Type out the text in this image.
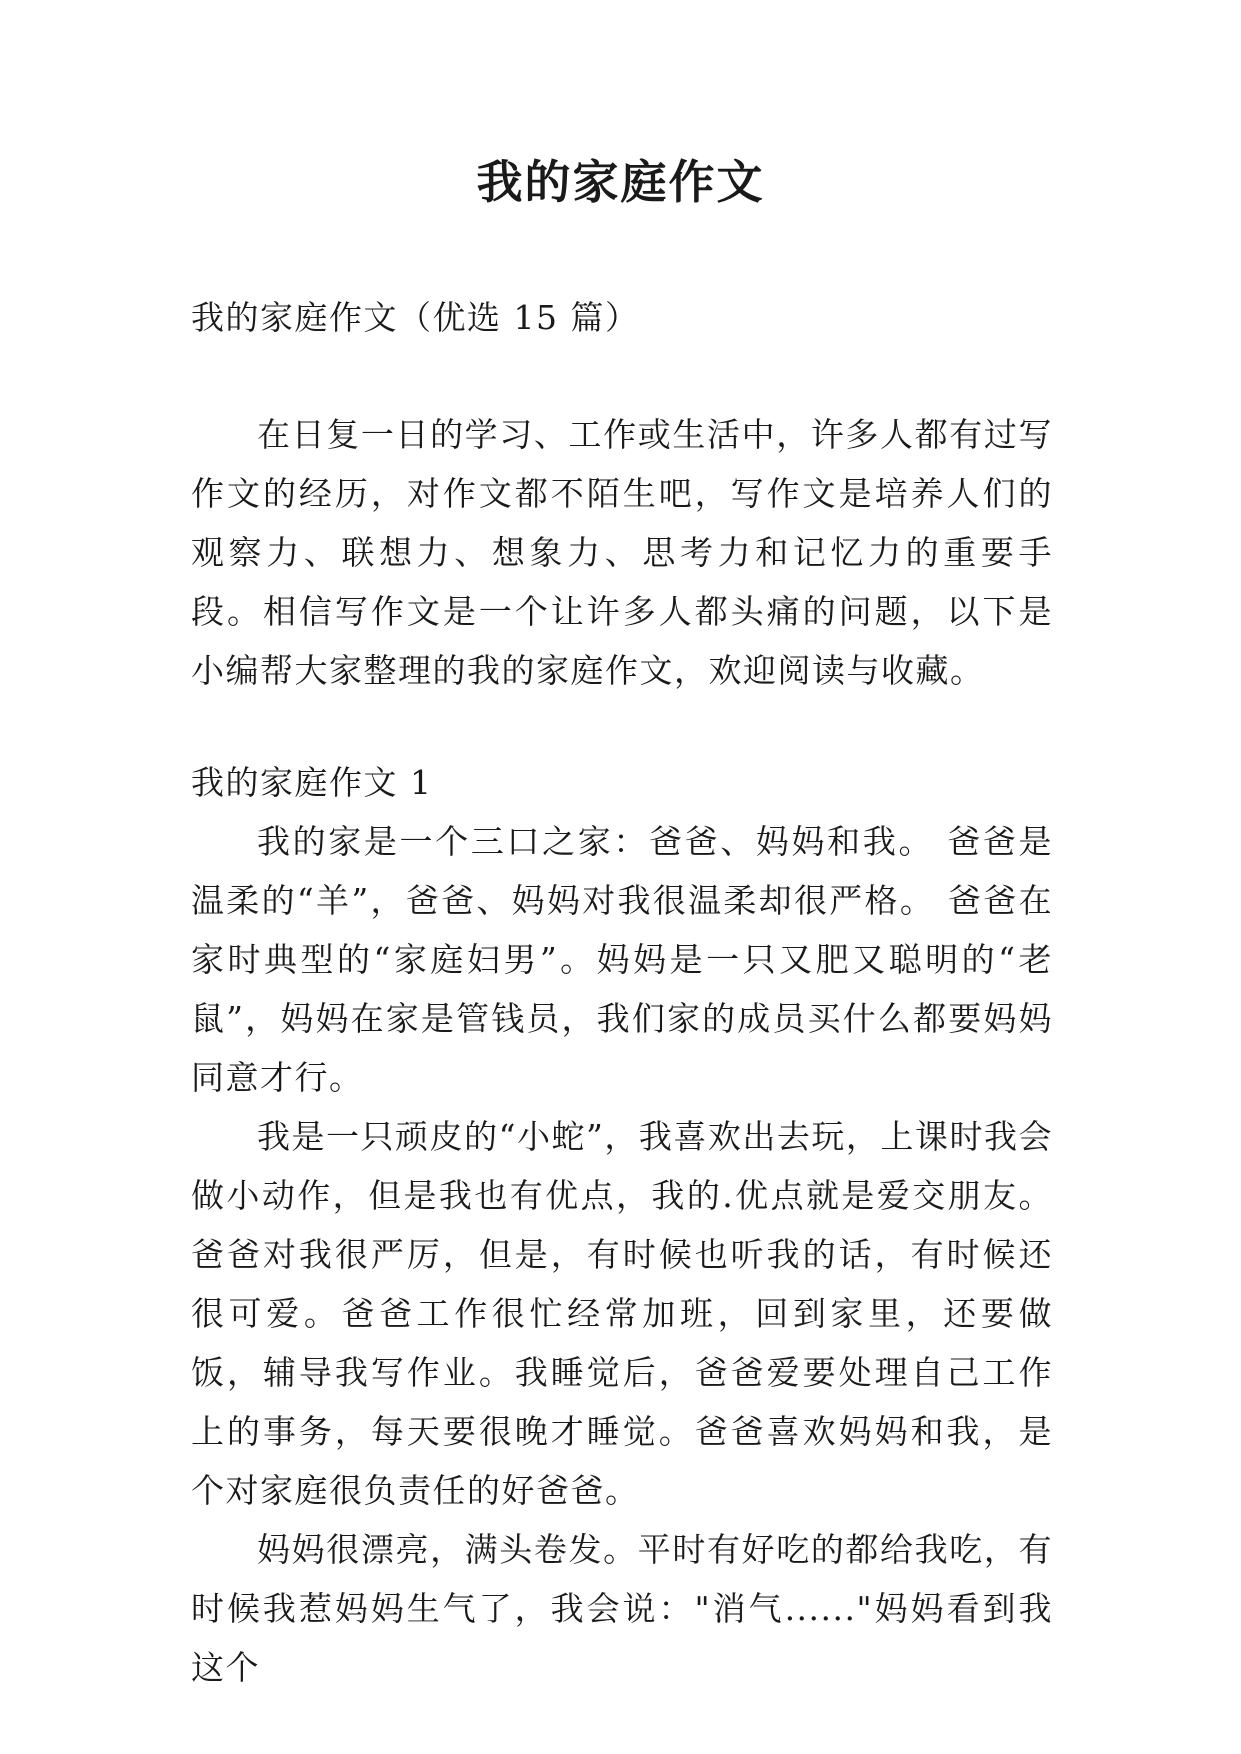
我的家庭作文
我的家庭作文（优选 15 篇）
在日复一日的学习、工作或生活中，许多人都有过写作文的经历，对作文都不陌生吧，写作文是培养人们的观察力、联想力、想象力、思考力和记忆力的重要手段。相信写作文是一个让许多人都头痛的问题，以下是小编帮大家整理的我的家庭作文，欢迎阅读与收藏。
我的家庭作文 1

我的家是一个三口之家：爸爸、妈妈和我。 爸爸是温柔的“羊”，爸爸、妈妈对我很温柔却很严格。 爸爸在家时典型的“家庭妇男”。妈妈是一只又肥又聪明的“老鼠”，妈妈在家是管钱员，我们家的成员买什么都要妈妈同意才行。

我是一只顽皮的“小蛇”，我喜欢出去玩，上课时我会做小动作，但是我也有优点，我的.优点就是爱交朋友。 爸爸对我很严厉，但是，有时候也听我的话，有时候还很可爱。爸爸工作很忙经常加班，回到家里，还要做饭，辅导我写作业。我睡觉后，爸爸爱要处理自己工作上的事务，每天要很晚才睡觉。爸爸喜欢妈妈和我，是个对家庭很负责任的好爸爸。

妈妈很漂亮，满头卷发。平时有好吃的都给我吃，有时候我惹妈妈生气了，我会说："消气......"妈妈看到我这个
